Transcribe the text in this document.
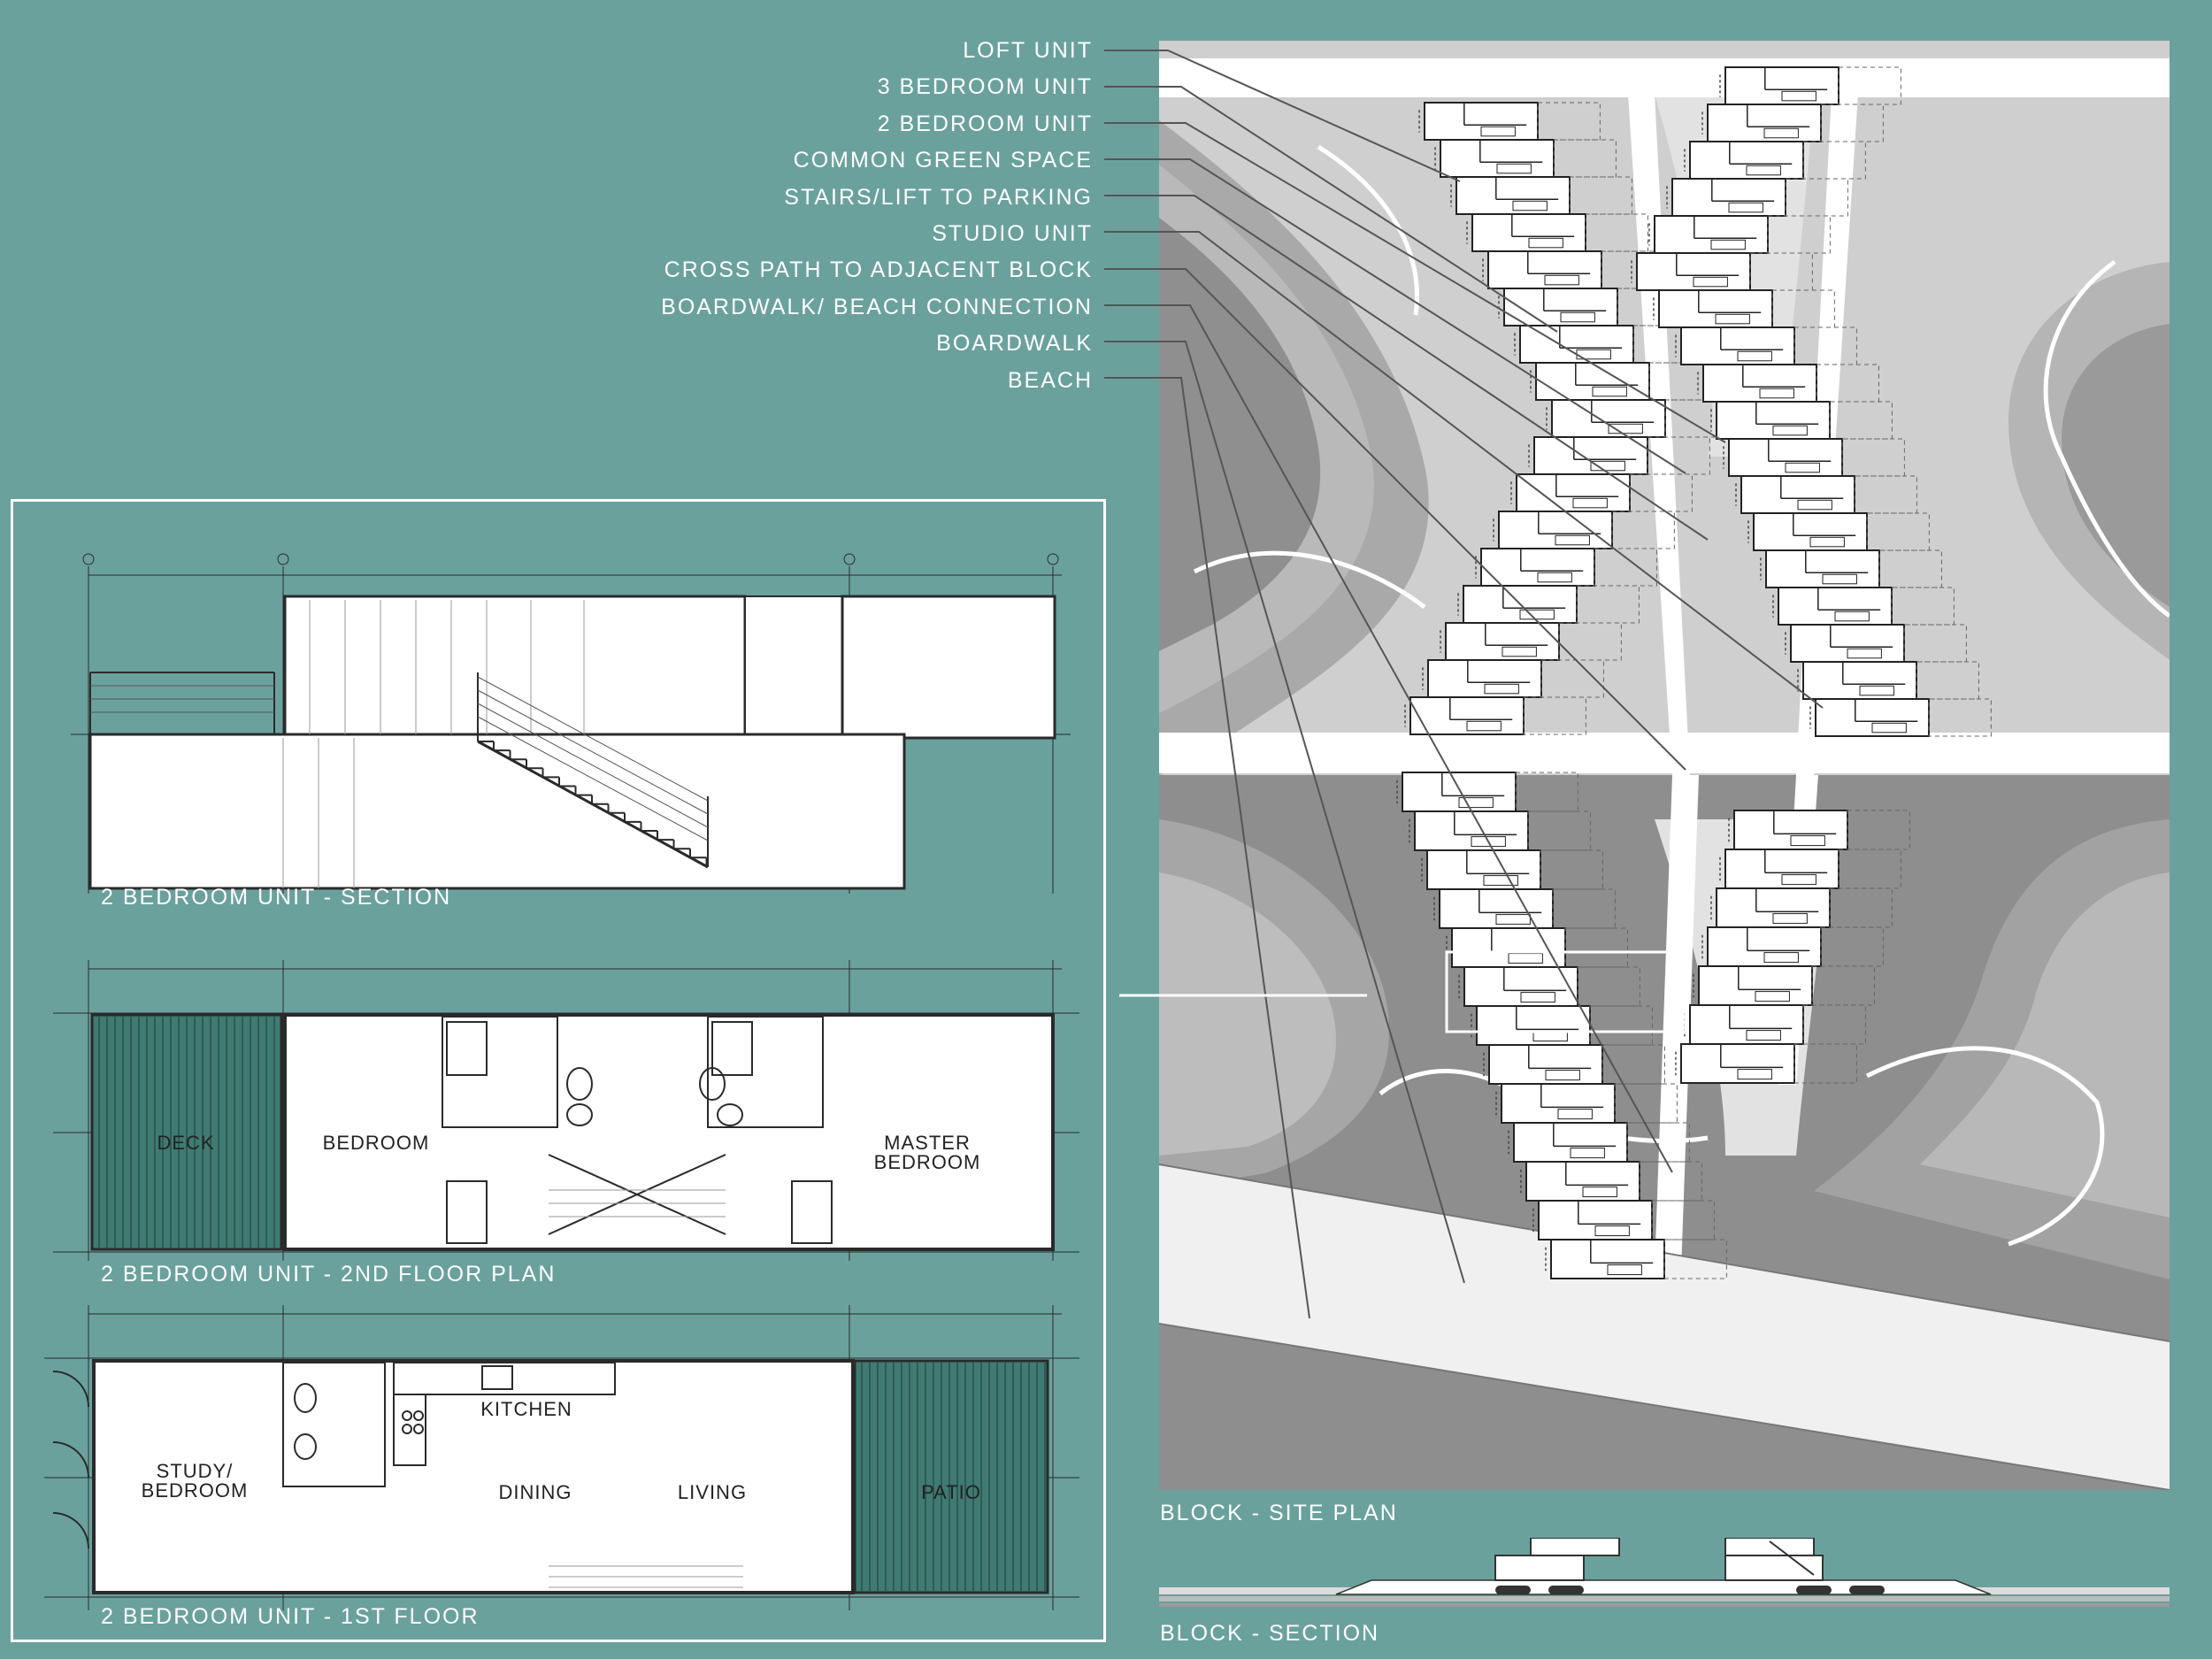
LOFT UNIT
3 BEDROOM UNIT
2 BEDROOM UNIT
COMMON GREEN SPACE
STAIRS/LIFT TO PARKING
STUDIO UNIT
CROSS PATH TO ADJACENT BLOCK
BOARDWALK/ BEACH CONNECTION
BOARDWALK
BEACH
BLOCK - SITE PLAN
BLOCK - SECTION
2 BEDROOM UNIT - SECTION
DECK	BEDROOM	MASTER
BEDROOM
2 BEDROOM UNIT - 2ND FLOOR PLAN
STUDY/
BEDROOM
KITCHEN
DINING	LIVING	PATIO
2 BEDROOM UNIT - 1ST FLOOR
